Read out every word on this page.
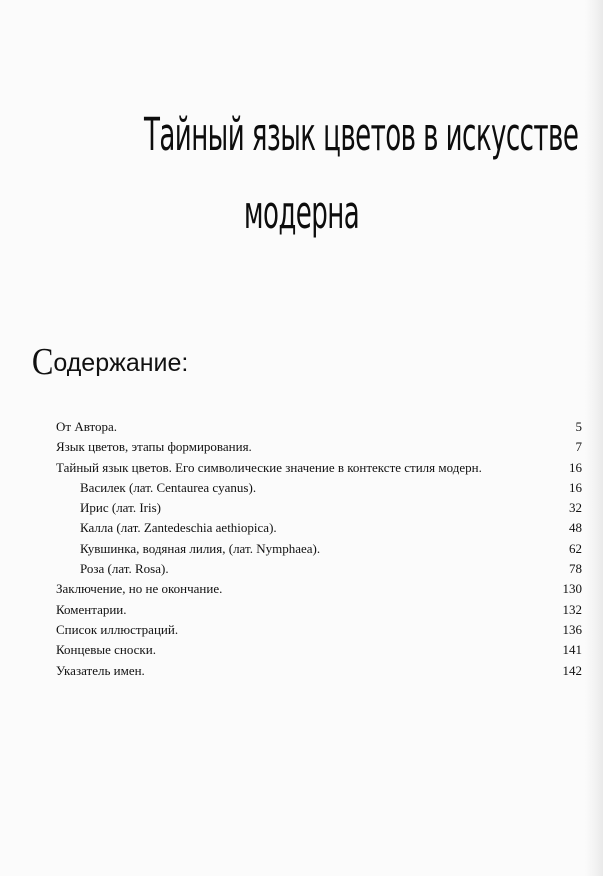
Тайный язык цветов в искусстве
модерна
Содержание:
От Автора.	5
Язык цветов, этапы формирования.	7
Тайный язык цветов. Его символические значение в контексте стиля модерн.	16
Василек (лат. Centaurea cyanus).	16
Ирис (лат. Iris)	32
Калла (лат. Zantedeschia aethiopica).	48
Кувшинка, водяная лилия, (лат. Nymphaea).	62
Роза (лат. Rosa).	78
Заключение, но не окончание.	130
Коментарии.	132
Список иллюстраций.	136
Концевые сноски.	141
Указатель имен.	142
